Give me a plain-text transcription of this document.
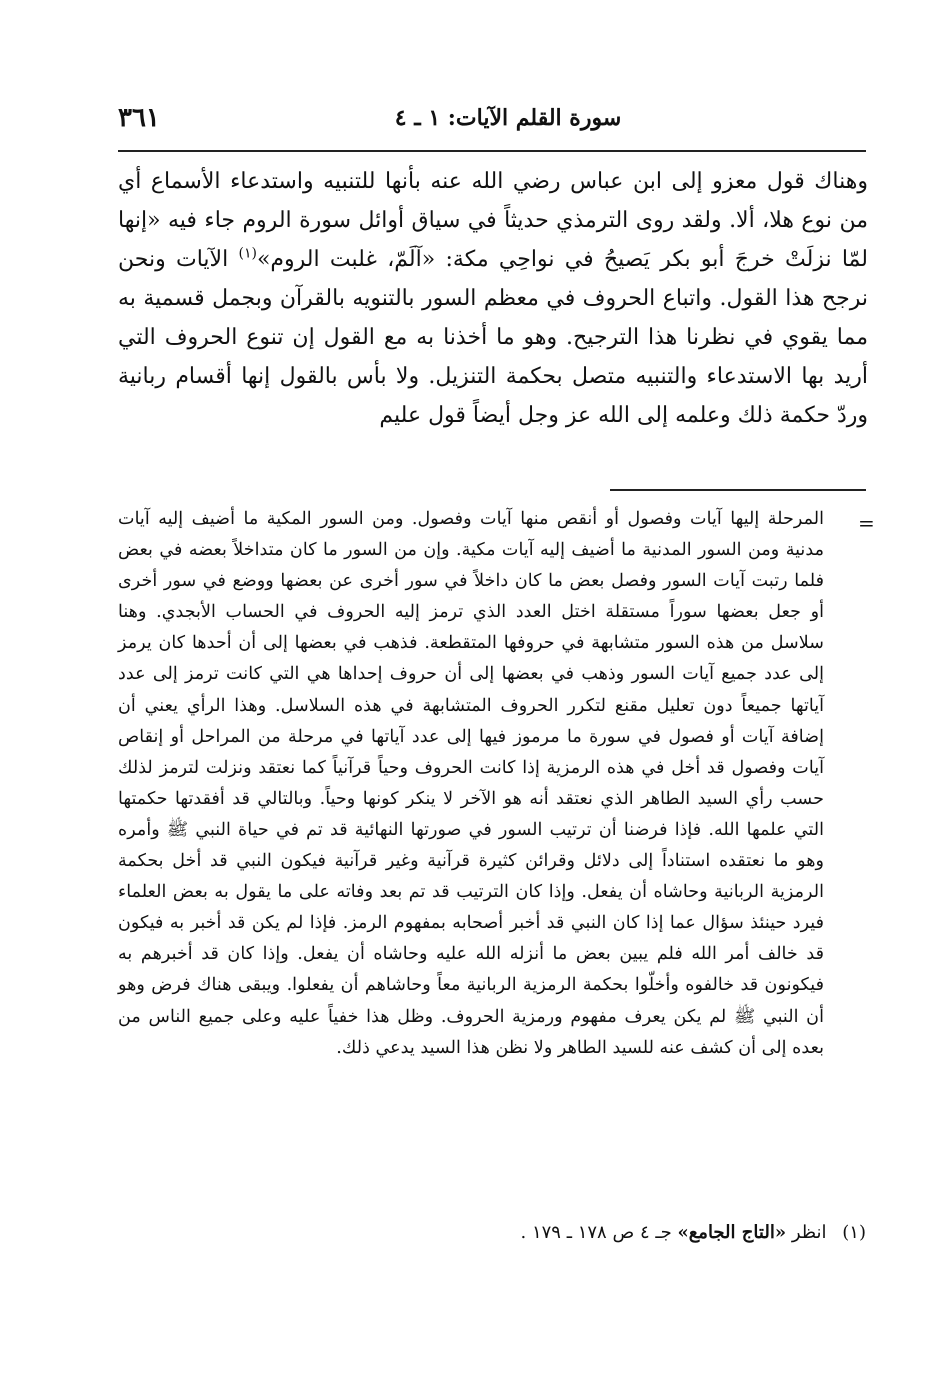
٣٦١	سورة القلم الآيات: ١ ـ ٤

وهناك قول معزو إلى ابن عباس رضي الله عنه بأنها للتنبيه واستدعاء الأسماع أي من نوع هلا، ألا. ولقد روى الترمذي حديثاً في سياق أوائل سورة الروم جاء فيه «إنها لمّا نزلَتْ خرجَ أبو بكر يَصيحُ في نواحِي مكة: «آلَمّ، غلبت الروم»$^{(١)}$ الآيات ونحن نرجح هذا القول. واتباع الحروف في معظم السور بالتنويه بالقرآن وبجمل قسمية به مما يقوي في نظرنا هذا الترجيح. وهو ما أخذنا به مع القول إن تنوع الحروف التي أريد بها الاستدعاء والتنبيه متصل بحكمة التنزيل. ولا بأس بالقول إنها أقسام ربانية وردّ حكمة ذلك وعلمه إلى الله عز وجل أيضاً قول عليم

=

المرحلة إليها آيات وفصول أو أنقص منها آيات وفصول. ومن السور المكية ما أضيف إليه آيات مدنية ومن السور المدنية ما أضيف إليه آيات مكية. وإن من السور ما كان متداخلاً بعضه في بعض فلما رتبت آيات السور وفصل بعض ما كان داخلاً في سور أخرى عن بعضها ووضع في سور أخرى أو جعل بعضها سوراً مستقلة اختل العدد الذي ترمز إليه الحروف في الحساب الأبجدي. وهنا سلاسل من هذه السور متشابهة في حروفها المتقطعة. فذهب في بعضها إلى أن أحدها كان يرمز إلى عدد جميع آيات السور وذهب في بعضها إلى أن حروف إحداها هي التي كانت ترمز إلى عدد آياتها جميعاً دون تعليل مقنع لتكرر الحروف المتشابهة في هذه السلاسل. وهذا الرأي يعني أن إضافة آيات أو فصول في سورة ما مرموز فيها إلى عدد آياتها في مرحلة من المراحل أو إنقاص آيات وفصول قد أخل في هذه الرمزية إذا كانت الحروف وحياً قرآنياً كما نعتقد ونزلت لترمز لذلك حسب رأي السيد الطاهر الذي نعتقد أنه هو الآخر لا ينكر كونها وحياً. وبالتالي قد أفقدتها حكمتها التي علمها الله. فإذا فرضنا أن ترتيب السور في صورتها النهائية قد تم في حياة النبي ﷺ وأمره وهو ما نعتقده استناداً إلى دلائل وقرائن كثيرة قرآنية وغير قرآنية فيكون النبي قد أخل بحكمة الرمزية الربانية وحاشاه أن يفعل. وإذا كان الترتيب قد تم بعد وفاته على ما يقول به بعض العلماء فيرد حينئذ سؤال عما إذا كان النبي قد أخبر أصحابه بمفهوم الرمز. فإذا لم يكن قد أخبر به فيكون قد خالف أمر الله فلم يبين بعض ما أنزله الله عليه وحاشاه أن يفعل. وإذا كان قد أخبرهم به فيكونون قد خالفوه وأخلّوا بحكمة الرمزية الربانية معاً وحاشاهم أن يفعلوا. ويبقى هناك فرض وهو أن النبي ﷺ لم يكن يعرف مفهوم ورمزية الحروف. وظل هذا خفياً عليه وعلى جميع الناس من بعده إلى أن كشف عنه للسيد الطاهر ولا نظن هذا السيد يدعي ذلك.

(١) انظر «التاج الجامع» جـ ٤ ص ١٧٨ ـ ١٧٩ .
